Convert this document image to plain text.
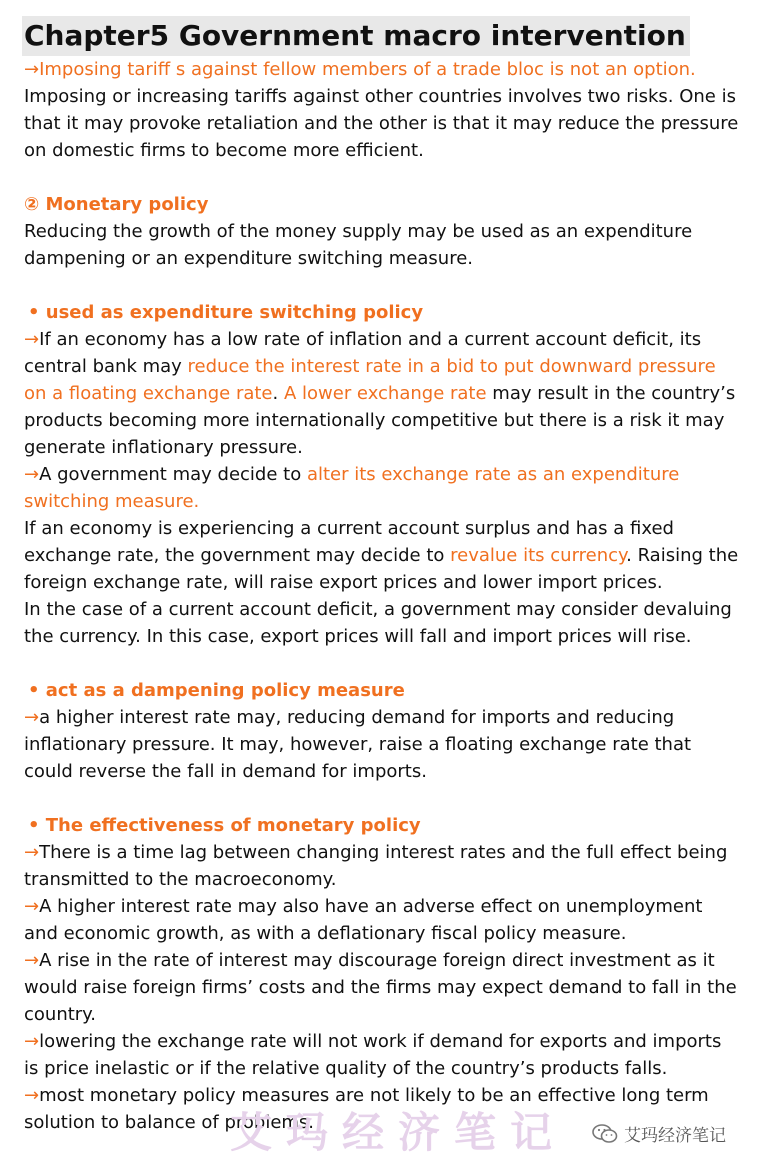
Chapter5 Government macro intervention

→Imposing tariff s against fellow members of a trade bloc is not an option.

Imposing or increasing tariffs against other countries involves two risks. One is that it may provoke retaliation and the other is that it may reduce the pressure on domestic firms to become more efficient.

② Monetary policy

Reducing the growth of the money supply may be used as an expenditure dampening or an expenditure switching measure.

• used as expenditure switching policy

→If an economy has a low rate of inflation and a current account deficit, its central bank may reduce the interest rate in a bid to put downward pressure on a floating exchange rate. A lower exchange rate may result in the country’s products becoming more internationally competitive but there is a risk it may generate inflationary pressure.

→A government may decide to alter its exchange rate as an expenditure switching measure.

If an economy is experiencing a current account surplus and has a fixed exchange rate, the government may decide to revalue its currency. Raising the foreign exchange rate, will raise export prices and lower import prices.

In the case of a current account deficit, a government may consider devaluing the currency. In this case, export prices will fall and import prices will rise.

• act as a dampening policy measure

→a higher interest rate may, reducing demand for imports and reducing inflationary pressure. It may, however, raise a floating exchange rate that could reverse the fall in demand for imports.

• The effectiveness of monetary policy

→There is a time lag between changing interest rates and the full effect being transmitted to the macroeconomy.

→A higher interest rate may also have an adverse effect on unemployment and economic growth, as with a deflationary fiscal policy measure.

→A rise in the rate of interest may discourage foreign direct investment as it would raise foreign firms’ costs and the firms may expect demand to fall in the country.

→lowering the exchange rate will not work if demand for exports and imports is price inelastic or if the relative quality of the country’s products falls.

→most monetary policy measures are not likely to be an effective long term solution to balance of problems.

艾玛经济笔记	艾玛经济笔记
